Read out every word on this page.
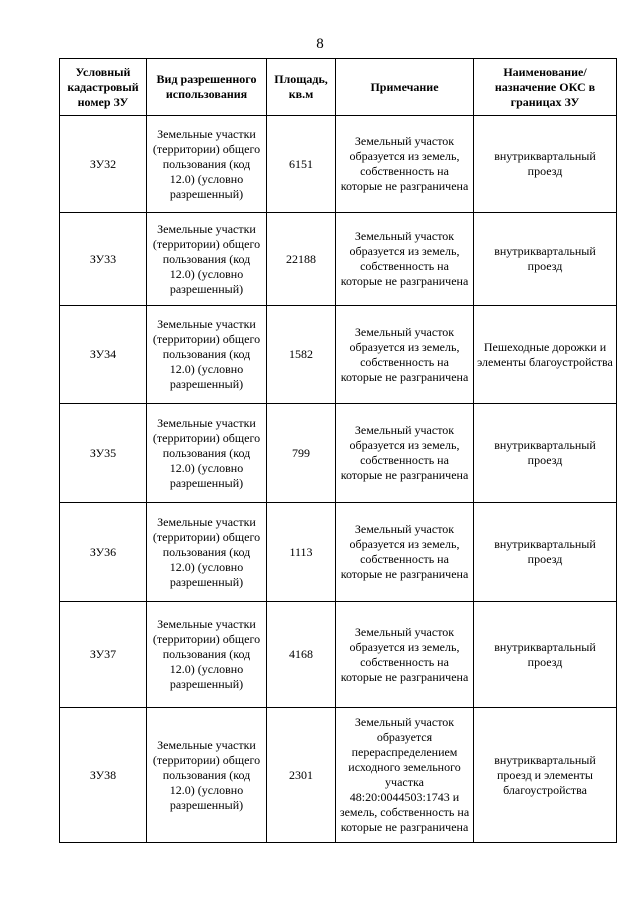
8
Условный кадастровый номер ЗУ	Вид разрешенного использования	Площадь, кв.м	Примечание	Наименование/ назначение ОКС в границах ЗУ
ЗУ32	Земельные участки (территории) общего пользования (код 12.0) (условно разрешенный)	6151	Земельный участок образуется из земель, собственность на которые не разграничена	внутриквартальный проезд
ЗУ33	Земельные участки (территории) общего пользования (код 12.0) (условно разрешенный)	22188	Земельный участок образуется из земель, собственность на которые не разграничена	внутриквартальный проезд
ЗУ34	Земельные участки (территории) общего пользования (код 12.0) (условно разрешенный)	1582	Земельный участок образуется из земель, собственность на которые не разграничена	Пешеходные дорожки и элементы благоустройства
ЗУ35	Земельные участки (территории) общего пользования (код 12.0) (условно разрешенный)	799	Земельный участок образуется из земель, собственность на которые не разграничена	внутриквартальный проезд
ЗУ36	Земельные участки (территории) общего пользования (код 12.0) (условно разрешенный)	1113	Земельный участок образуется из земель, собственность на которые не разграничена	внутриквартальный проезд
ЗУ37	Земельные участки (территории) общего пользования (код 12.0) (условно разрешенный)	4168	Земельный участок образуется из земель, собственность на которые не разграничена	внутриквартальный проезд
ЗУ38	Земельные участки (территории) общего пользования (код 12.0) (условно разрешенный)	2301	Земельный участок образуется перераспределением исходного земельного участка 48:20:0044503:1743 и земель, собственность на которые не разграничена	внутриквартальный проезд и элементы благоустройства
